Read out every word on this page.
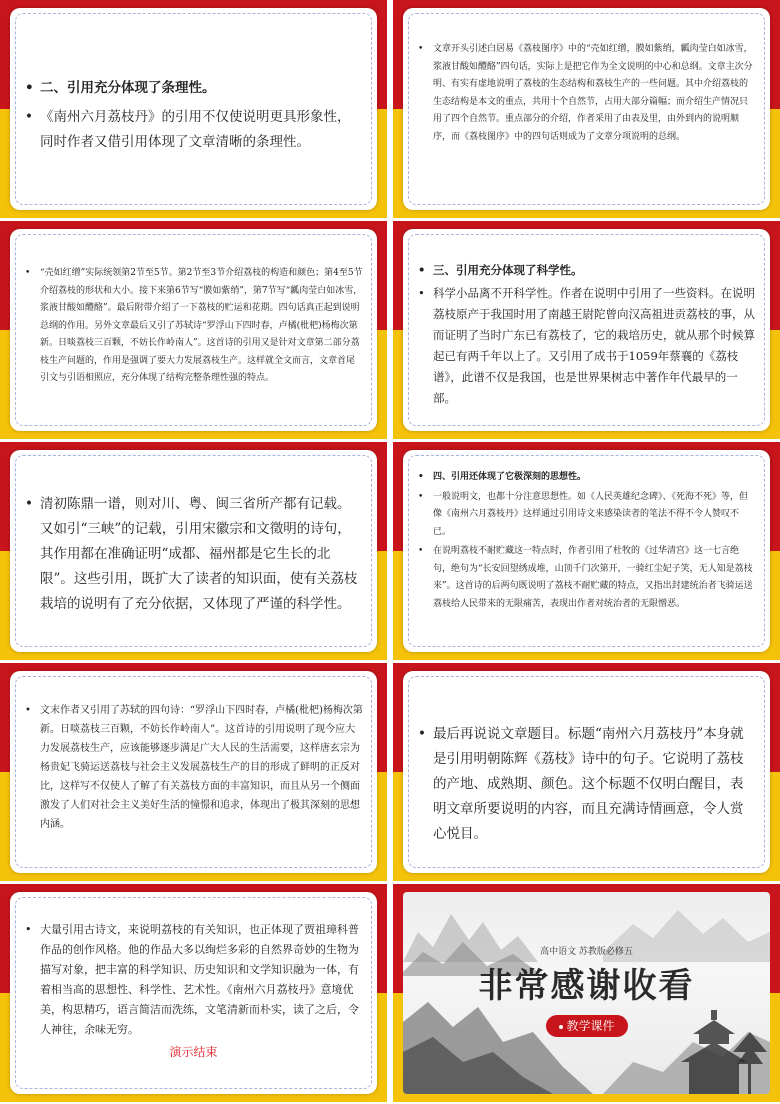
• 二、引用充分体现了条理性。
• 《南州六月荔枝丹》的引用不仅使说明更具形象性，同时作者又借引用体现了文章清晰的条理性。
• 文章开头引述白居易《荔枝图序》中的“壳如红缯，膜如紫绡，瓤肉莹白如冰雪，浆液甘酸如醴酪”四句话，实际上是把它作为全文说明的中心和总纲。文章主次分明、有实有虚地说明了荔枝的生态结构和荔枝生产的一些问题。其中介绍荔枝的生态结构是本文的重点，共用十个自然节，占用大部分篇幅；而介绍生产情况只用了四个自然节。重点部分的介绍，作者采用了由表及里，由外到内的说明顺序，而《荔枝图序》中的四句话则成为了文章分项说明的总纲。
• “壳如红缯”实际统领第2节至5节。第2节至3节介绍荔枝的构造和颜色；第4至5节介绍荔枝的形状和大小。接下来第6节写“膜如紫绡”，第7节写“瓤肉莹白如冰雪，浆液甘酸如醴酪”。最后附带介绍了一下荔枝的贮运和花期。四句话真正起到说明总纲的作用。另外文章最后又引了苏轼诗“罗浮山下四时春，卢橘(枇杷)杨梅次第新。日啖荔枝三百颗，不妨长作岭南人”。这首诗的引用又是针对文章第二部分荔枝生产问题的，作用是强调了要大力发展荔枝生产。这样就全文而言，文章首尾引文与引语相照应，充分体现了结构完整条理性强的特点。
• 三、引用充分体现了科学性。
• 科学小品离不开科学性。作者在说明中引用了一些资料。在说明荔枝原产于我国时用了南越王尉陀曾向汉高祖进贡荔枝的事，从而证明了当时广东已有荔枝了，它的栽培历史，就从那个时候算起已有两千年以上了。又引用了成书于1059年蔡襄的《荔枝谱》，此谱不仅是我国，也是世界果树志中著作年代最早的一部。
• 清初陈鼎一谱，则对川、粤、闽三省所产都有记载。又如引“三峡”的记载，引用宋徽宗和文徵明的诗句，其作用都在准确证明“成都、福州都是它生长的北限”。这些引用，既扩大了读者的知识面，使有关荔枝栽培的说明有了充分依据，又体现了严谨的科学性。
• 四、引用还体现了它极深刻的思想性。
• 一般说明文，也都十分注意思想性。如《人民英雄纪念碑》、《死海不死》等，但像《南州六月荔枝丹》这样通过引用诗文来感染读者的笔法不得不令人赞叹不已。
• 在说明荔枝不耐贮藏这一特点时，作者引用了杜牧的《过华清宫》这一七言绝句，绝句为“长安回望绣成堆，山顶千门次第开，一骑红尘妃子笑，无人知是荔枝来”。这首诗的后两句既说明了荔枝不耐贮藏的特点，又指出封建统治者飞骑运送荔枝给人民带来的无限痛苦，表现出作者对统治者的无限憎恶。
• 文末作者又引用了苏轼的四句诗：“罗浮山下四时春，卢橘(枇杷)杨梅次第新。日啖荔枝三百颗，不妨长作岭南人”。这首诗的引用说明了现今应大力发展荔枝生产，应该能够逐步满足广大人民的生活需要，这样唐玄宗为杨贵妃飞骑运送荔枝与社会主义发展荔枝生产的目的形成了鲜明的正反对比，这样写不仅使人了解了有关荔枝方面的丰富知识，而且从另一个侧面激发了人们对社会主义美好生活的憧憬和追求，体现出了极其深刻的思想内涵。
• 最后再说说文章题目。标题“南州六月荔枝丹”本身就是引用明朝陈辉《荔枝》诗中的句子。它说明了荔枝的产地、成熟期、颜色。这个标题不仅明白醒目，表明文章所要说明的内容，而且充满诗情画意，令人赏心悦目。
• 大量引用古诗文，来说明荔枝的有关知识，也正体现了贾祖璋科普作品的创作风格。他的作品大多以绚烂多彩的自然界奇妙的生物为描写对象，把丰富的科学知识、历史知识和文学知识融为一体，有着相当高的思想性、科学性、艺术性。《南州六月荔枝丹》意境优美，构思精巧，语言简洁而洗练，文笔清新而朴实，读了之后，令人神往，余味无穷。
演示结束
高中语文 苏教版必修五
非常感谢收看
教学课件
